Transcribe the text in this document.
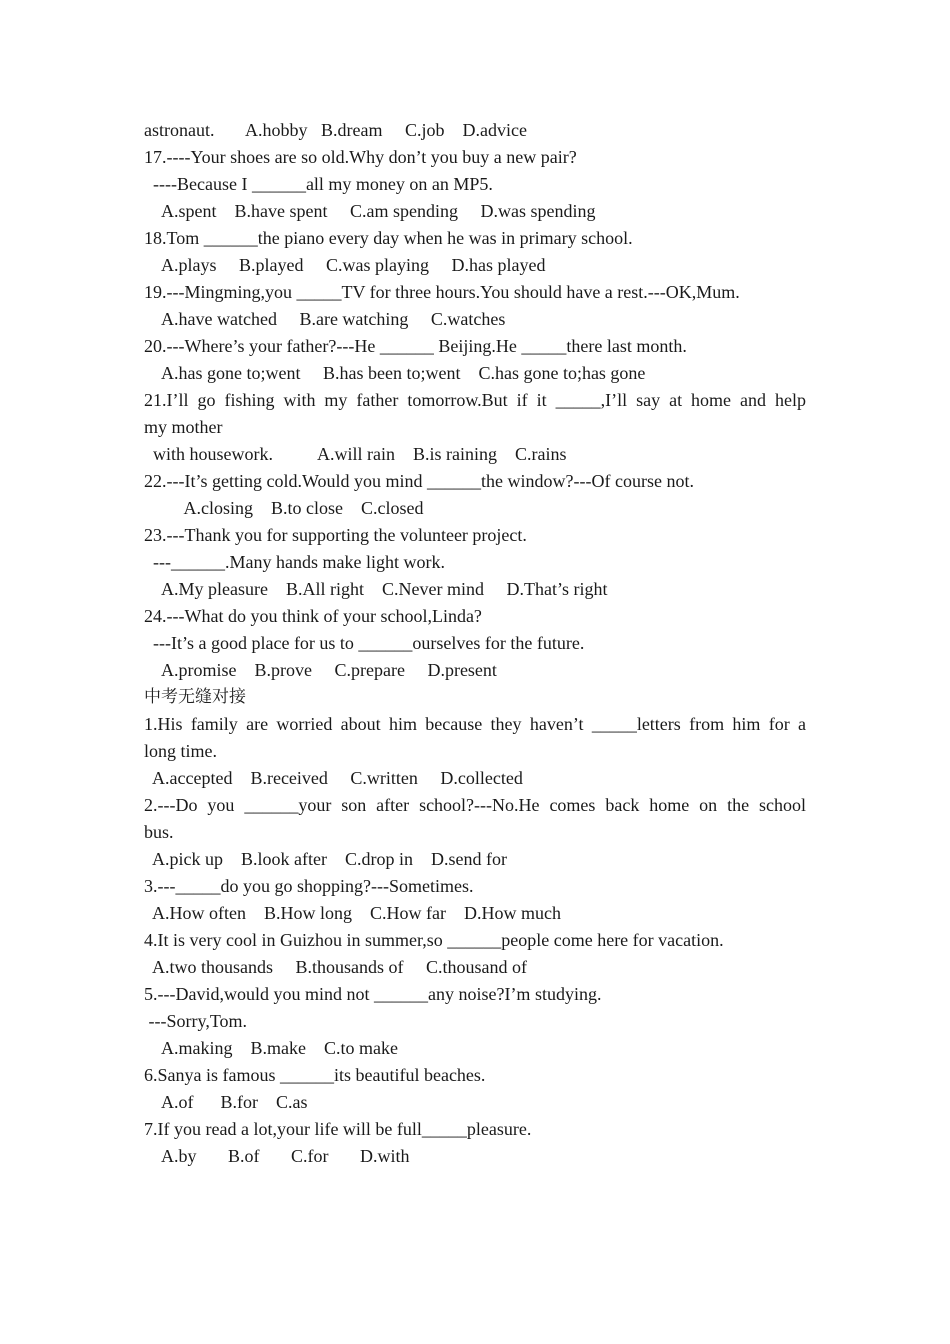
astronaut.       A.hobby   B.dream     C.job    D.advice
17.----Your shoes are so old.Why don’t you buy a new pair?
----Because I ______all my money on an MP5.
A.spent    B.have spent     C.am spending     D.was spending
18.Tom ______the piano every day when he was in primary school.
A.plays     B.played     C.was playing     D.has played
19.---Mingming,you _____TV for three hours.You should have a rest.---OK,Mum.
A.have watched     B.are watching     C.watches
20.---Where’s your father?---He ______ Beijing.He _____there last month.
A.has gone to;went     B.has been to;went    C.has gone to;has gone
21.I’ll go fishing with my father tomorrow.But if it _____,I’ll say at home and help
my mother
with housework.          A.will rain    B.is raining    C.rains
22.---It’s getting cold.Would you mind ______the window?---Of course not.
A.closing    B.to close    C.closed
23.---Thank you for supporting the volunteer project.
---______.Many hands make light work.
A.My pleasure    B.All right    C.Never mind     D.That’s right
24.---What do you think of your school,Linda?
---It’s a good place for us to ______ourselves for the future.
A.promise    B.prove     C.prepare     D.present
中考无缝对接
1.His family are worried about him because they haven’t _____letters from him for a
long time.
A.accepted    B.received     C.written     D.collected
2.---Do you ______your son after school?---No.He comes back home on the school
bus.
A.pick up    B.look after    C.drop in    D.send for
3.---_____do you go shopping?---Sometimes.
A.How often    B.How long    C.How far    D.How much
4.It is very cool in Guizhou in summer,so ______people come here for vacation.
A.two thousands     B.thousands of     C.thousand of
5.---David,would you mind not ______any noise?I’m studying.
---Sorry,Tom.
A.making    B.make    C.to make
6.Sanya is famous ______its beautiful beaches.
A.of      B.for    C.as
7.If you read a lot,your life will be full_____pleasure.
A.by       B.of       C.for       D.with
